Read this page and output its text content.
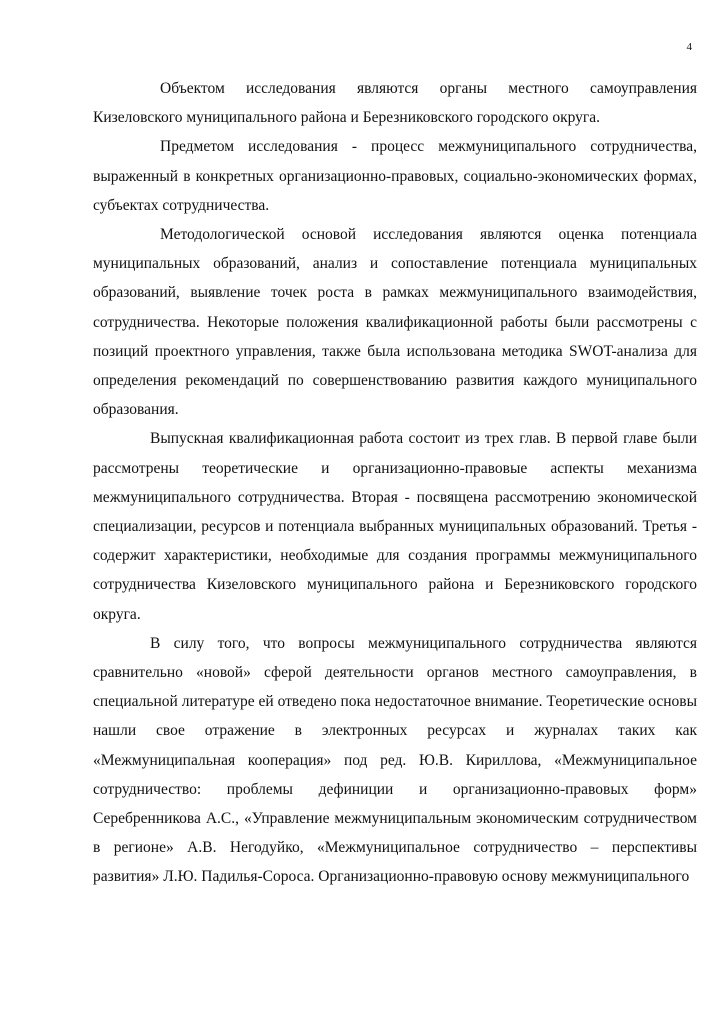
4

Объектом исследования являются органы местного самоуправления Кизеловского муниципального района и Березниковского городского округа.

Предметом исследования - процесс межмуниципального сотрудничества, выраженный в конкретных организационно-правовых, социально-экономических формах, субъектах сотрудничества.

Методологической основой исследования являются оценка потенциала муниципальных образований, анализ и сопоставление потенциала муниципальных образований, выявление точек роста в рамках межмуниципального взаимодействия, сотрудничества. Некоторые положения квалификационной работы были рассмотрены с позиций проектного управления, также была использована методика SWOT-анализа для определения рекомендаций по совершенствованию развития каждого муниципального образования.

Выпускная квалификационная работа состоит из трех глав. В первой главе были рассмотрены теоретические и организационно-правовые аспекты механизма межмуниципального сотрудничества. Вторая - посвящена рассмотрению экономической специализации, ресурсов и потенциала выбранных муниципальных образований. Третья - содержит характеристики, необходимые для создания программы межмуниципального сотрудничества Кизеловского муниципального района и Березниковского городского округа.

В силу того, что вопросы межмуниципального сотрудничества являются сравнительно «новой» сферой деятельности органов местного самоуправления, в специальной литературе ей отведено пока недостаточное внимание. Теоретические основы нашли свое отражение в электронных ресурсах и журналах таких как «Межмуниципальная кооперация» под ред. Ю.В. Кириллова, «Межмуниципальное сотрудничество: проблемы дефиниции и организационно-правовых форм» Серебренникова А.С., «Управление межмуниципальным экономическим сотрудничеством в регионе» А.В. Негодуйко, «Межмуниципальное сотрудничество – перспективы развития» Л.Ю. Падилья-Сороса. Организационно-правовую основу межмуниципального
